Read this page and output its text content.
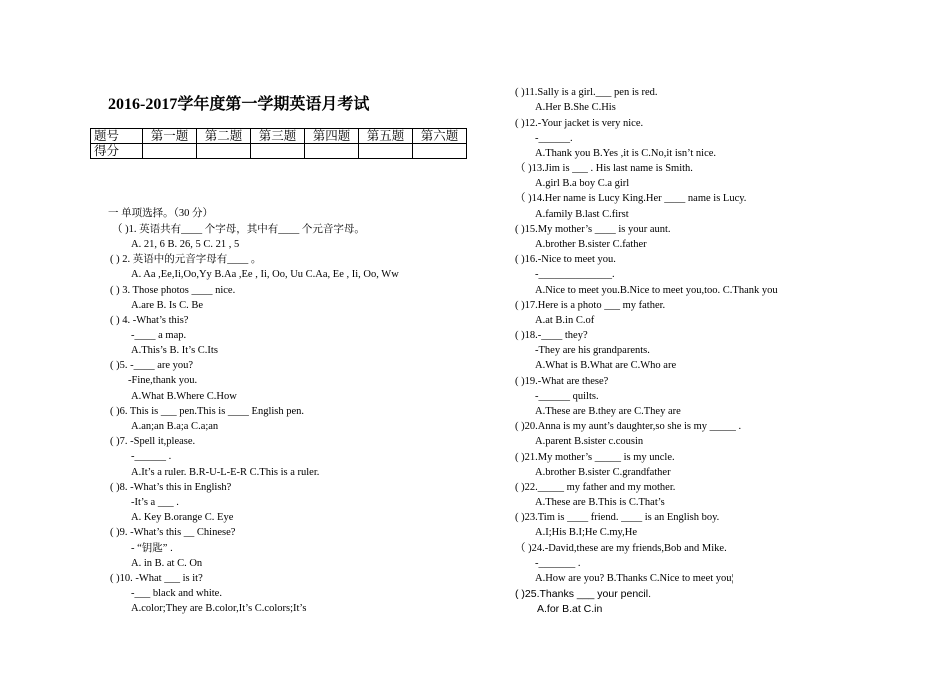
2016-2017学年度第一学期英语月考试
题号	第一题	第二题	第三题	第四题	第五题	第六题
得分						
一 单项选择。（30 分）
（ )1. 英语共有____ 个字母，其中有____ 个元音字母。
A. 21, 6 B. 26, 5 C. 21 , 5
( ) 2. 英语中的元音字母有____ 。
A. Aa ,Ee,Ii,Oo,Yy B.Aa ,Ee , Ii, Oo, Uu C.Aa, Ee , Ii, Oo, Ww
( ) 3. Those photos ____ nice.
A.are B. Is C. Be
( ) 4. -What’s this?
-____ a map.
A.This’s B. It’s C.Its
( )5. -____ are you?
-Fine,thank you.
A.What B.Where C.How
( )6. This is ___ pen.This is ____ English pen.
A.an;an B.a;a C.a;an
( )7. -Spell it,please.
-______ .
A.It’s a ruler. B.R-U-L-E-R C.This is a ruler.
( )8. -What’s this in English?
-It’s a ___ .
A. Key B.orange C. Eye
( )9. -What’s this __ Chinese?
- “钥匙” .
A. in B. at C. On
( )10. -What ___ is it?
-___ black and white.
A.color;They are B.color,It’s C.colors;It’s
( )11.Sally is a girl.___ pen is red.
A.Her B.She C.His
( )12.-Your jacket is very nice.
-______.
A.Thank you B.Yes ,it is C.No,it isn’t nice.
（ )13.Jim is ___ . His last name is Smith.
A.girl B.a boy C.a girl
（ )14.Her name is Lucy King.Her ____ name is Lucy.
A.family B.last C.first
( )15.My mother’s ____ is your aunt.
A.brother B.sister C.father
( )16.-Nice to meet you.
-______________.
A.Nice to meet you.B.Nice to meet you,too. C.Thank you
( )17.Here is a photo ___ my father.
A.at B.in C.of
( )18.-____ they?
-They are his grandparents.
A.What is B.What are C.Who are
( )19.-What are these?
-______ quilts.
A.These are B.they are C.They are
( )20.Anna is my aunt’s daughter,so she is my _____ .
A.parent B.sister c.cousin
( )21.My mother’s _____ is my uncle.
A.brother B.sister C.grandfather
( )22._____ my father and my mother.
A.These are B.This is C.That’s
( )23.Tim is ____ friend. ____ is an English boy.
A.I;His B.I;He C.my,He
（ )24.-David,these are my friends,Bob and Mike.
-_______ .
A.How are you? B.Thanks C.Nice to meet you¦
( )25.Thanks ___ your pencil.
A.for B.at C.in
